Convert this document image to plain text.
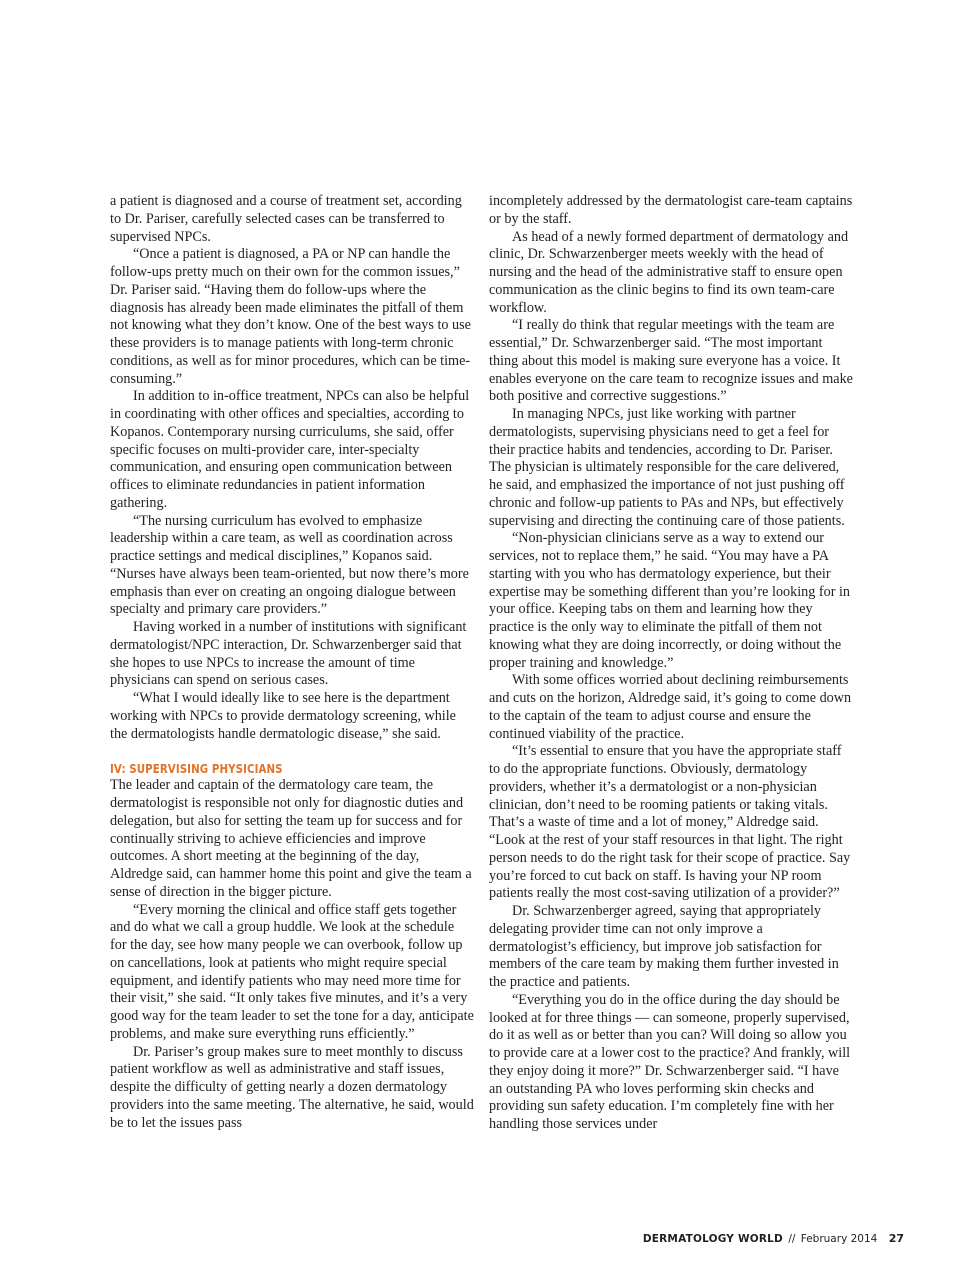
a patient is diagnosed and a course of treatment set, according to Dr. Pariser, carefully selected cases can be transferred to supervised NPCs.

“Once a patient is diagnosed, a PA or NP can handle the follow-ups pretty much on their own for the common issues,” Dr. Pariser said. “Having them do follow-ups where the diagnosis has already been made eliminates the pitfall of them not knowing what they don’t know. One of the best ways to use these providers is to manage patients with long-term chronic conditions, as well as for minor procedures, which can be time-consuming.”

In addition to in-office treatment, NPCs can also be helpful in coordinating with other offices and specialties, according to Kopanos. Contemporary nursing curriculums, she said, offer specific focuses on multi-provider care, inter-specialty communication, and ensuring open communication between offices to eliminate redundancies in patient information gathering.

“The nursing curriculum has evolved to emphasize leadership within a care team, as well as coordination across practice settings and medical disciplines,” Kopanos said. “Nurses have always been team-oriented, but now there’s more emphasis than ever on creating an ongoing dialogue between specialty and primary care providers.”

Having worked in a number of institutions with significant dermatologist/NPC interaction, Dr. Schwarzenberger said that she hopes to use NPCs to increase the amount of time physicians can spend on serious cases.

“What I would ideally like to see here is the department working with NPCs to provide dermatology screening, while the dermatologists handle dermatologic disease,” she said.

IV: SUPERVISING PHYSICIANS

The leader and captain of the dermatology care team, the dermatologist is responsible not only for diagnostic duties and delegation, but also for setting the team up for success and for continually striving to achieve efficiencies and improve outcomes. A short meeting at the beginning of the day, Aldredge said, can hammer home this point and give the team a sense of direction in the bigger picture.

“Every morning the clinical and office staff gets together and do what we call a group huddle. We look at the schedule for the day, see how many people we can overbook, follow up on cancellations, look at patients who might require special equipment, and identify patients who may need more time for their visit,” she said. “It only takes five minutes, and it’s a very good way for the team leader to set the tone for a day, anticipate problems, and make sure everything runs efficiently.”

Dr. Pariser’s group makes sure to meet monthly to discuss patient workflow as well as administrative and staff issues, despite the difficulty of getting nearly a dozen dermatology providers into the same meeting. The alternative, he said, would be to let the issues pass

incompletely addressed by the dermatologist care-team captains or by the staff.

As head of a newly formed department of dermatology and clinic, Dr. Schwarzenberger meets weekly with the head of nursing and the head of the administrative staff to ensure open communication as the clinic begins to find its own team-care workflow.

“I really do think that regular meetings with the team are essential,” Dr. Schwarzenberger said. “The most important thing about this model is making sure everyone has a voice. It enables everyone on the care team to recognize issues and make both positive and corrective suggestions.”

In managing NPCs, just like working with partner dermatologists, supervising physicians need to get a feel for their practice habits and tendencies, according to Dr. Pariser. The physician is ultimately responsible for the care delivered, he said, and emphasized the importance of not just pushing off chronic and follow-up patients to PAs and NPs, but effectively supervising and directing the continuing care of those patients.

“Non-physician clinicians serve as a way to extend our services, not to replace them,” he said. “You may have a PA starting with you who has dermatology experience, but their expertise may be something different than you’re looking for in your office. Keeping tabs on them and learning how they practice is the only way to eliminate the pitfall of them not knowing what they are doing incorrectly, or doing without the proper training and knowledge.”

With some offices worried about declining reimbursements and cuts on the horizon, Aldredge said, it’s going to come down to the captain of the team to adjust course and ensure the continued viability of the practice.

“It’s essential to ensure that you have the appropriate staff to do the appropriate functions. Obviously, dermatology providers, whether it’s a dermatologist or a non-physician clinician, don’t need to be rooming patients or taking vitals. That’s a waste of time and a lot of money,” Aldredge said. “Look at the rest of your staff resources in that light. The right person needs to do the right task for their scope of practice. Say you’re forced to cut back on staff. Is having your NP room patients really the most cost-saving utilization of a provider?”

Dr. Schwarzenberger agreed, saying that appropriately delegating provider time can not only improve a dermatologist’s efficiency, but improve job satisfaction for members of the care team by making them further invested in the practice and patients.

“Everything you do in the office during the day should be looked at for three things — can someone, properly supervised, do it as well as or better than you can? Will doing so allow you to provide care at a lower cost to the practice? And frankly, will they enjoy doing it more?” Dr. Schwarzenberger said. “I have an outstanding PA who loves performing skin checks and providing sun safety education. I’m completely fine with her handling those services under

DERMATOLOGY WORLD // February 2014 27
